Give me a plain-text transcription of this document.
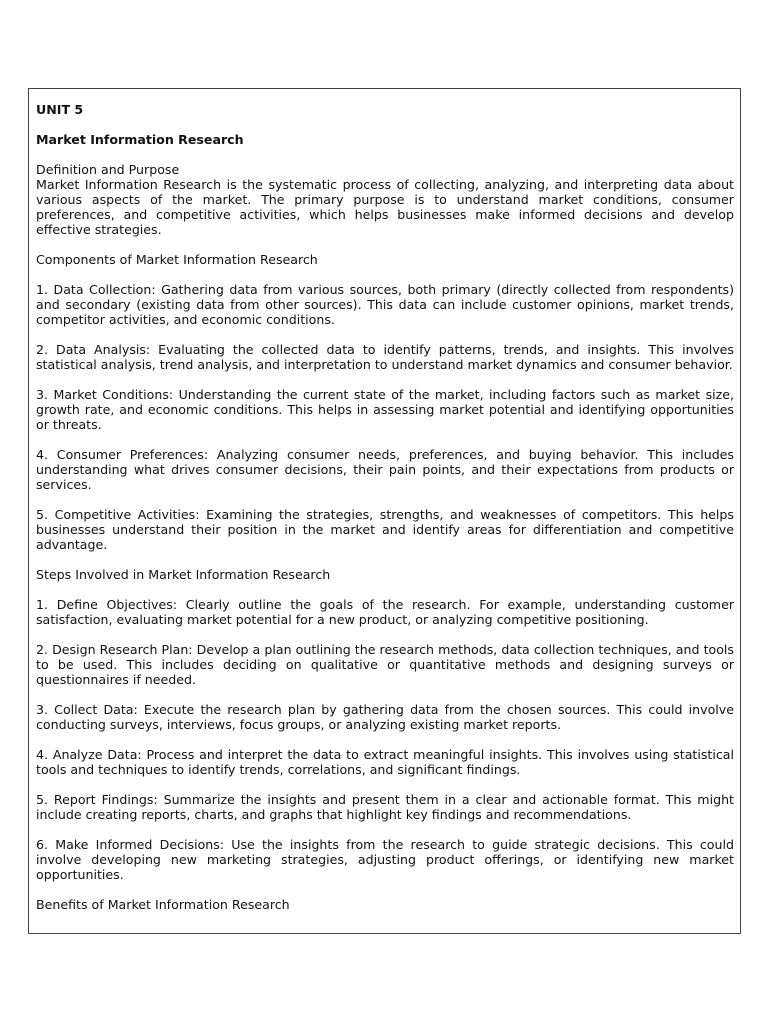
UNIT 5
Market Information Research
Definition and Purpose
Market Information Research is the systematic process of collecting, analyzing, and interpreting data about various aspects of the market. The primary purpose is to understand market conditions, consumer preferences, and competitive activities, which helps businesses make informed decisions and develop effective strategies.
Components of Market Information Research
1. Data Collection: Gathering data from various sources, both primary (directly collected from respondents) and secondary (existing data from other sources). This data can include customer opinions, market trends, competitor activities, and economic conditions.
2. Data Analysis: Evaluating the collected data to identify patterns, trends, and insights. This involves statistical analysis, trend analysis, and interpretation to understand market dynamics and consumer behavior.
3. Market Conditions: Understanding the current state of the market, including factors such as market size, growth rate, and economic conditions. This helps in assessing market potential and identifying opportunities or threats.
4. Consumer Preferences: Analyzing consumer needs, preferences, and buying behavior. This includes understanding what drives consumer decisions, their pain points, and their expectations from products or services.
5. Competitive Activities: Examining the strategies, strengths, and weaknesses of competitors. This helps businesses understand their position in the market and identify areas for differentiation and competitive advantage.
Steps Involved in Market Information Research
1. Define Objectives: Clearly outline the goals of the research. For example, understanding customer satisfaction, evaluating market potential for a new product, or analyzing competitive positioning.
2. Design Research Plan: Develop a plan outlining the research methods, data collection techniques, and tools to be used. This includes deciding on qualitative or quantitative methods and designing surveys or questionnaires if needed.
3. Collect Data: Execute the research plan by gathering data from the chosen sources. This could involve conducting surveys, interviews, focus groups, or analyzing existing market reports.
4. Analyze Data: Process and interpret the data to extract meaningful insights. This involves using statistical tools and techniques to identify trends, correlations, and significant findings.
5. Report Findings: Summarize the insights and present them in a clear and actionable format. This might include creating reports, charts, and graphs that highlight key findings and recommendations.
6. Make Informed Decisions: Use the insights from the research to guide strategic decisions. This could involve developing new marketing strategies, adjusting product offerings, or identifying new market opportunities.
Benefits of Market Information Research
